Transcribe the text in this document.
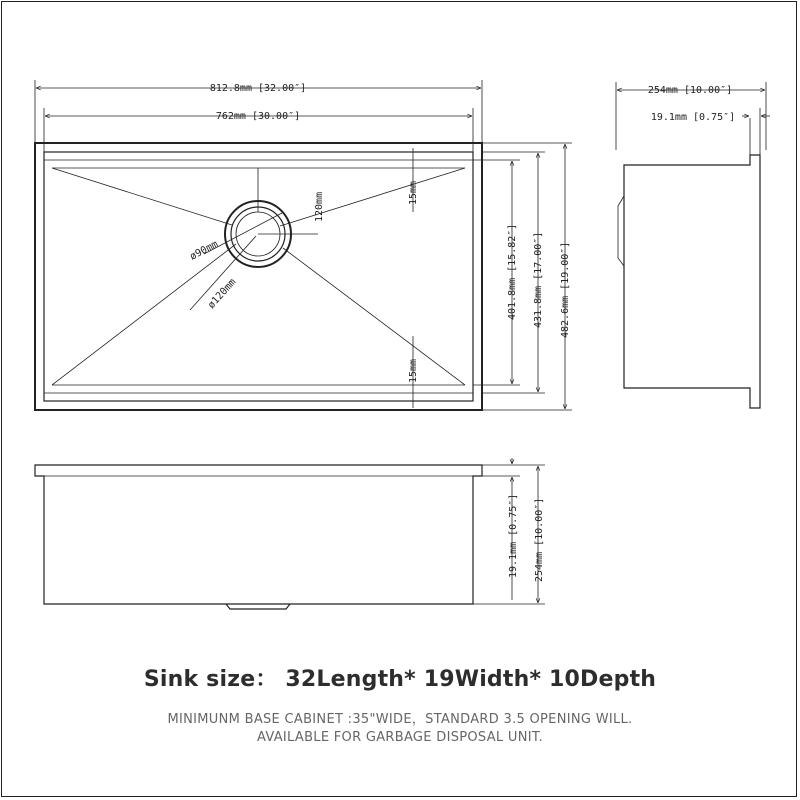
812.8mm [32.00″]
762mm [30.00″]
15mm
15mm
120mm
ø90mm
ø120mm	401.8mm [15.82″] 431.8mm [17.00″] 482.6mm [19.00″]
254mm [10.00″]
19.1mm [0.75″]
19.1mm [0.75″] 254mm [10.00″]
Sink size： 32Length* 19Width* 10Depth
MINIMUNM BASE CABINET :35"WIDE，STANDARD 3.5 OPENING WILL.
AVAILABLE FOR GARBAGE DISPOSAL UNIT.
